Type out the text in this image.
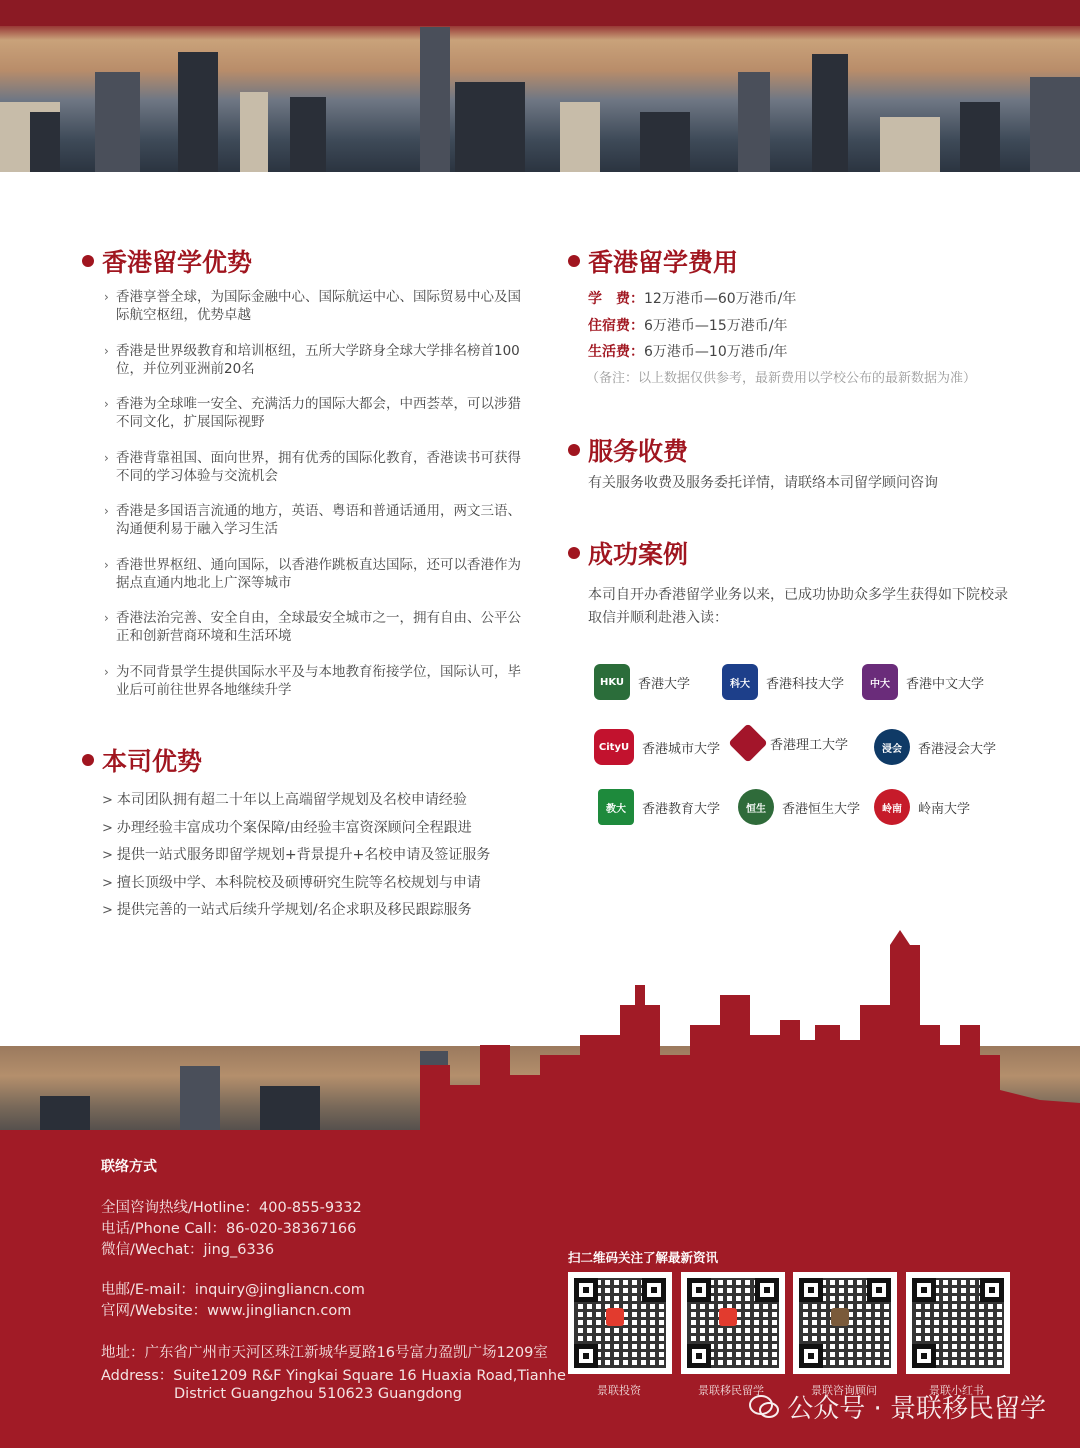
香港留学优势
› 香港享誉全球，为国际金融中心、国际航运中心、国际贸易中心及国际航空枢纽，优势卓越
› 香港是世界级教育和培训枢纽，五所大学跻身全球大学排名榜首100位，并位列亚洲前20名
› 香港为全球唯一安全、充满活力的国际大都会，中西荟萃，可以涉猎不同文化，扩展国际视野
› 香港背靠祖国、面向世界，拥有优秀的国际化教育，香港读书可获得不同的学习体验与交流机会
› 香港是多国语言流通的地方，英语、粤语和普通话通用，两文三语、沟通便利易于融入学习生活
› 香港世界枢纽、通向国际，以香港作跳板直达国际，还可以香港作为据点直通内地北上广深等城市
› 香港法治完善、安全自由，全球最安全城市之一，拥有自由、公平公正和创新营商环境和生活环境
› 为不同背景学生提供国际水平及与本地教育衔接学位，国际认可，毕业后可前往世界各地继续升学
本司优势
> 本司团队拥有超二十年以上高端留学规划及名校申请经验
> 办理经验丰富成功个案保障/由经验丰富资深顾问全程跟进
> 提供一站式服务即留学规划+背景提升+名校申请及签证服务
> 擅长顶级中学、本科院校及硕博研究生院等名校规划与申请
> 提供完善的一站式后续升学规划/名企求职及移民跟踪服务
香港留学费用
学　费：12万港币—60万港币/年
住宿费：6万港币—15万港币/年
生活费：6万港币—10万港币/年
（备注：以上数据仅供参考，最新费用以学校公布的最新数据为准）
服务收费
有关服务收费及服务委托详情，请联络本司留学顾问咨询
成功案例
本司自开办香港留学业务以来，已成功协助众多学生获得如下院校录取信并顺利赴港入读：
HKU	香港大学	科大	香港科技大学	中大	香港中文大学
CityU 香港城市大学	香港理工大学	浸会	香港浸会大学
教大	香港教育大学	恒生	香港恒生大学	岭南	岭南大学
联络方式
全国咨询热线/Hotline：400-855-9332
电话/Phone Call：86-020-38367166
微信/Wechat：jing_6336
电邮/E-mail：inquiry@jingliancn.com
官网/Website：www.jingliancn.com
地址：广东省广州市天河区珠江新城华夏路16号富力盈凯广场1209室
Address：Suite1209 R&F Yingkai Square 16 Huaxia Road,Tianhe
District Guangzhou 510623 Guangdong
扫二维码关注了解最新资讯
景联投资	景联移民留学	景联咨询顾问	景联小红书
公众号 · 景联移民留学
